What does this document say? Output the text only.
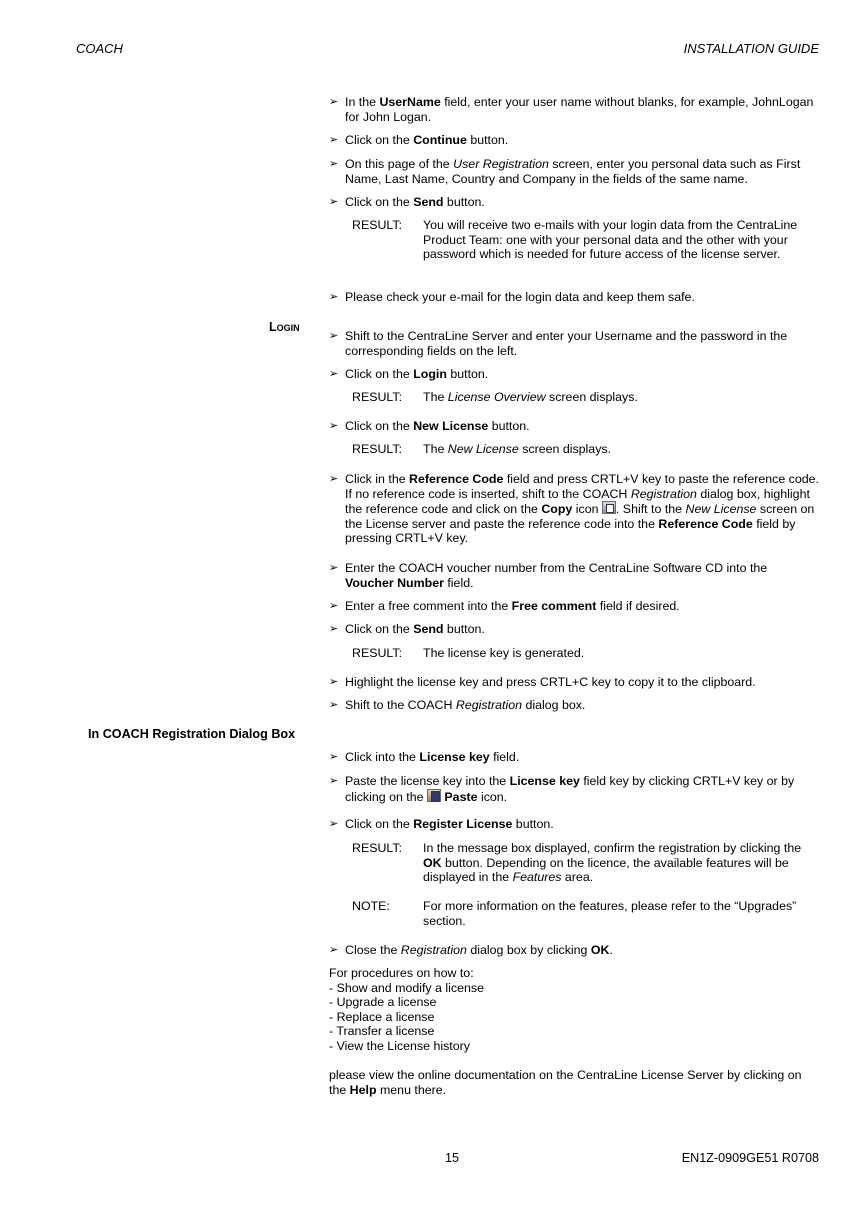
COACH	INSTALLATION GUIDE
Login
In COACH Registration Dialog Box
➢ In the UserName field, enter your user name without blanks, for example, JohnLogan for John Logan.
➢ Click on the Continue button.
➢ On this page of the User Registration screen, enter you personal data such as First Name, Last Name, Country and Company in the fields of the same name.
➢ Click on the Send button.
RESULT: You will receive two e-mails with your login data from the CentraLine Product Team: one with your personal data and the other with your password which is needed for future access of the license server.
➢ Please check your e-mail for the login data and keep them safe.
➢ Shift to the CentraLine Server and enter your Username and the password in the corresponding fields on the left.
➢ Click on the Login button.
RESULT: The License Overview screen displays.
➢ Click on the New License button.
RESULT: The New License screen displays.
➢ Click in the Reference Code field and press CRTL+V key to paste the reference code. If no reference code is inserted, shift to the COACH Registration dialog box, highlight the reference code and click on the Copy icon . Shift to the New License screen on the License server and paste the reference code into the Reference Code field by pressing CRTL+V key.
➢ Enter the COACH voucher number from the CentraLine Software CD into the Voucher Number field.
➢ Enter a free comment into the Free comment field if desired.
➢ Click on the Send button.
RESULT: The license key is generated.
➢ Highlight the license key and press CRTL+C key to copy it to the clipboard.
➢ Shift to the COACH Registration dialog box.
➢ Click into the License key field.
➢ Paste the license key into the License key field key by clicking CRTL+V key or by clicking on the  Paste icon.
➢ Click on the Register License button.
RESULT: In the message box displayed, confirm the registration by clicking the OK button. Depending on the licence, the available features will be displayed in the Features area.
NOTE:	For more information on the features, please refer to the “Upgrades” section.
➢ Close the Registration dialog box by clicking OK.
For procedures on how to:
- Show and modify a license
- Upgrade a license
- Replace a license
- Transfer a license
- View the License history
please view the online documentation on the CentraLine License Server by clicking on the Help menu there.
15	EN1Z-0909GE51 R0708
